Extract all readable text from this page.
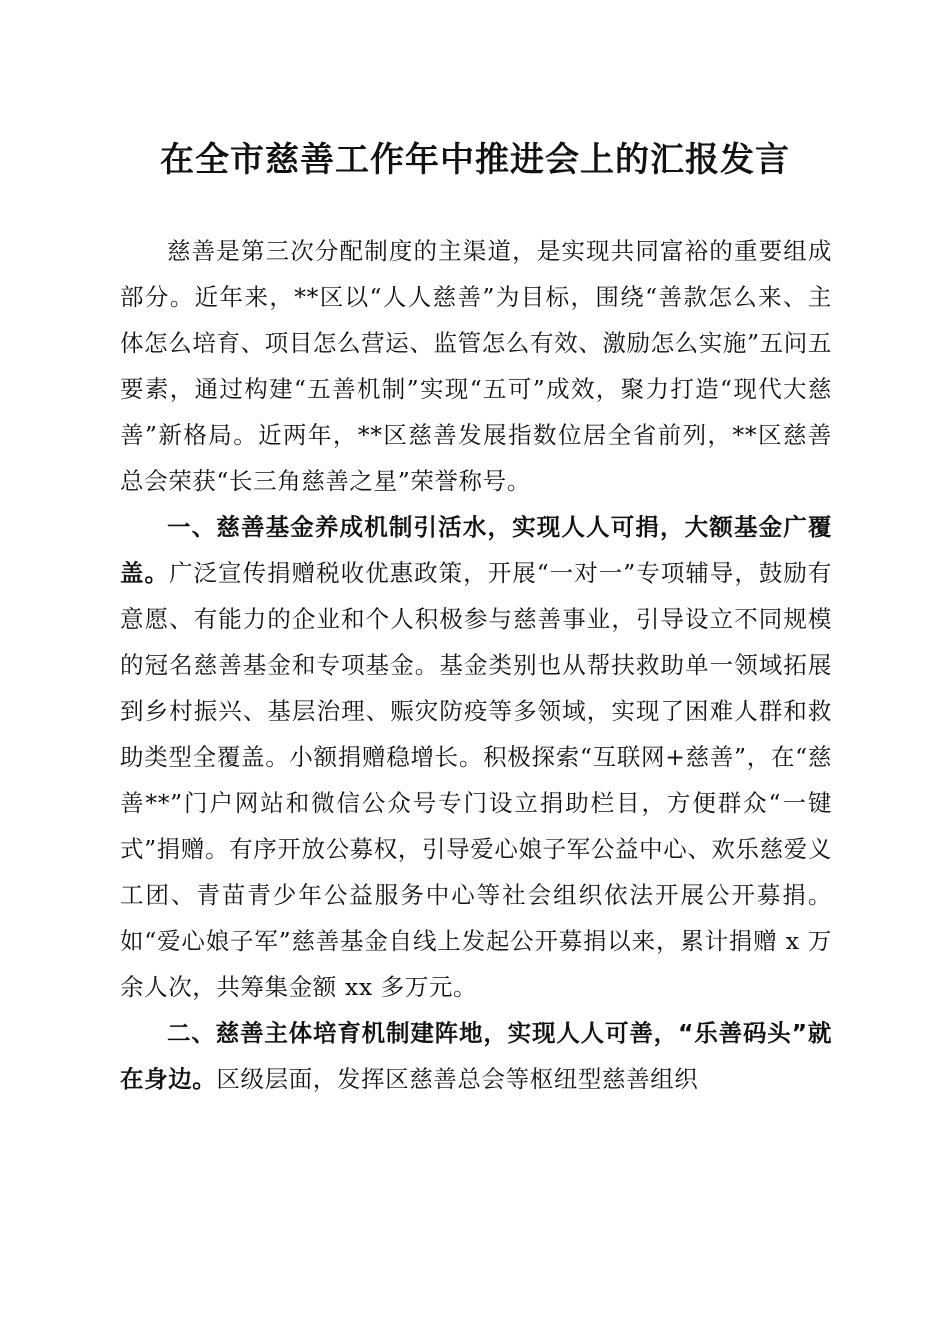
在全市慈善工作年中推进会上的汇报发言

慈善是第三次分配制度的主渠道，是实现共同富裕的重要组成部分。近年来，**区以“人人慈善”为目标，围绕“善款怎么来、主体怎么培育、项目怎么营运、监管怎么有效、激励怎么实施”五问五要素，通过构建“五善机制”实现“五可”成效，聚力打造“现代大慈善”新格局。近两年，**区慈善发展指数位居全省前列，**区慈善总会荣获“长三角慈善之星”荣誉称号。

一、慈善基金养成机制引活水，实现人人可捐，大额基金广覆盖。广泛宣传捐赠税收优惠政策，开展“一对一”专项辅导，鼓励有意愿、有能力的企业和个人积极参与慈善事业，引导设立不同规模的冠名慈善基金和专项基金。基金类别也从帮扶救助单一领域拓展到乡村振兴、基层治理、赈灾防疫等多领域，实现了困难人群和救助类型全覆盖。小额捐赠稳增长。积极探索“互联网+慈善”，在“慈善**”门户网站和微信公众号专门设立捐助栏目，方便群众“一键式”捐赠。有序开放公募权，引导爱心娘子军公益中心、欢乐慈爱义工团、青苗青少年公益服务中心等社会组织依法开展公开募捐。如“爱心娘子军”慈善基金自线上发起公开募捐以来，累计捐赠 x 万余人次，共筹集金额 xx 多万元。

二、慈善主体培育机制建阵地，实现人人可善，“乐善码头”就在身边。区级层面，发挥区慈善总会等枢纽型慈善组织
